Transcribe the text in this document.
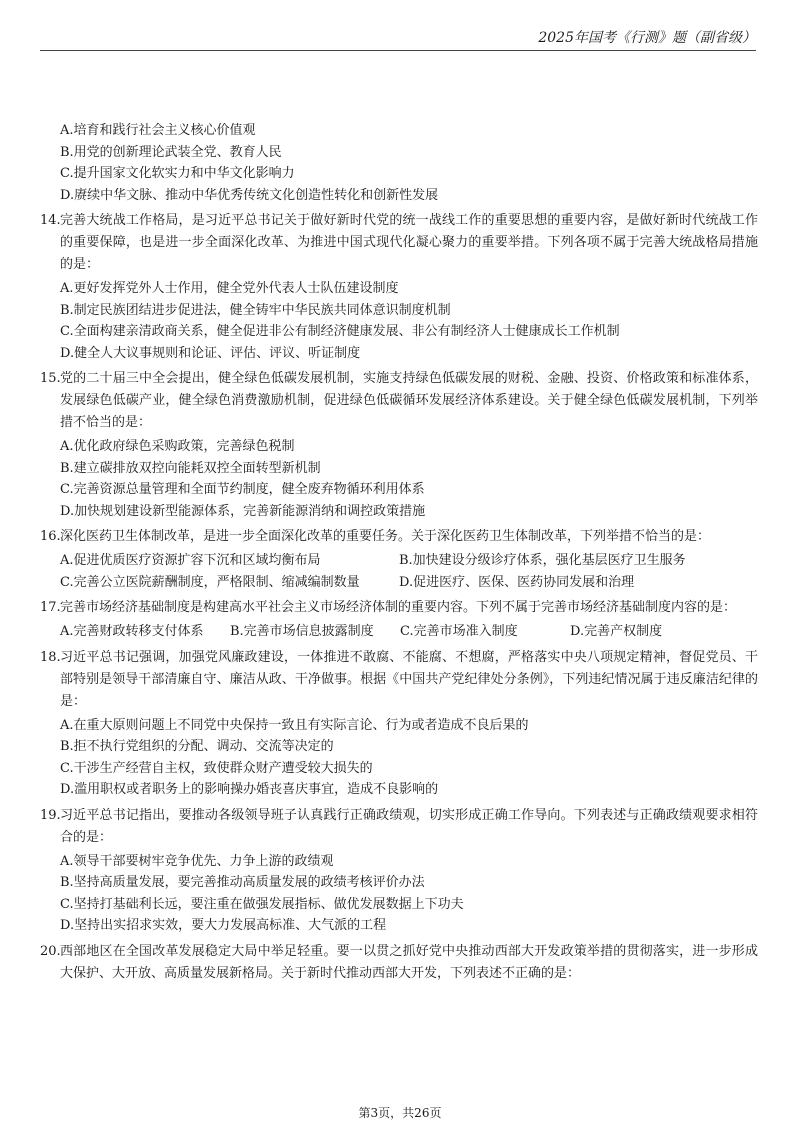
2025年国考《行测》题（副省级）
A.培育和践行社会主义核心价值观
B.用党的创新理论武装全党、教育人民
C.提升国家文化软实力和中华文化影响力
D.赓续中华文脉、推动中华优秀传统文化创造性转化和创新性发展
14. 完善大统战工作格局，是习近平总书记关于做好新时代党的统一战线工作的重要思想的重要内容，是做好新时代统战工作的重要保障，也是进一步全面深化改革、为推进中国式现代化凝心聚力的重要举措。下列各项不属于完善大统战格局措施的是：
A.更好发挥党外人士作用，健全党外代表人士队伍建设制度
B.制定民族团结进步促进法，健全铸牢中华民族共同体意识制度机制
C.全面构建亲清政商关系，健全促进非公有制经济健康发展、非公有制经济人士健康成长工作机制
D.健全人大议事规则和论证、评估、评议、听证制度
15. 党的二十届三中全会提出，健全绿色低碳发展机制，实施支持绿色低碳发展的财税、金融、投资、价格政策和标准体系，发展绿色低碳产业，健全绿色消费激励机制，促进绿色低碳循环发展经济体系建设。关于健全绿色低碳发展机制，下列举措不恰当的是：
A.优化政府绿色采购政策，完善绿色税制
B.建立碳排放双控向能耗双控全面转型新机制
C.完善资源总量管理和全面节约制度，健全废弃物循环利用体系
D.加快规划建设新型能源体系，完善新能源消纳和调控政策措施
16. 深化医药卫生体制改革，是进一步全面深化改革的重要任务。关于深化医药卫生体制改革，下列举措不恰当的是：
A.促进优质医疗资源扩容下沉和区域均衡布局	B.加快建设分级诊疗体系，强化基层医疗卫生服务
C.完善公立医院薪酬制度，严格限制、缩减编制数量	D.促进医疗、医保、医药协同发展和治理
17. 完善市场经济基础制度是构建高水平社会主义市场经济体制的重要内容。下列不属于完善市场经济基础制度内容的是：
A.完善财政转移支付体系	B.完善市场信息披露制度	C.完善市场准入制度	D.完善产权制度
18. 习近平总书记强调，加强党风廉政建设，一体推进不敢腐、不能腐、不想腐，严格落实中央八项规定精神，督促党员、干部特别是领导干部清廉自守、廉洁从政、干净做事。根据《中国共产党纪律处分条例》，下列违纪情况属于违反廉洁纪律的是：
A.在重大原则问题上不同党中央保持一致且有实际言论、行为或者造成不良后果的
B.拒不执行党组织的分配、调动、交流等决定的
C.干涉生产经营自主权，致使群众财产遭受较大损失的
D.滥用职权或者职务上的影响操办婚丧喜庆事宜，造成不良影响的
19. 习近平总书记指出，要推动各级领导班子认真践行正确政绩观，切实形成正确工作导向。下列表述与正确政绩观要求相符合的是：
A.领导干部要树牢竞争优先、力争上游的政绩观
B.坚持高质量发展，要完善推动高质量发展的政绩考核评价办法
C.坚持打基础利长远，要注重在做强发展指标、做优发展数据上下功夫
D.坚持出实招求实效，要大力发展高标准、大气派的工程
20. 西部地区在全国改革发展稳定大局中举足轻重。要一以贯之抓好党中央推动西部大开发政策举措的贯彻落实，进一步形成大保护、大开放、高质量发展新格局。关于新时代推动西部大开发，下列表述不正确的是：
第3页，共26页
